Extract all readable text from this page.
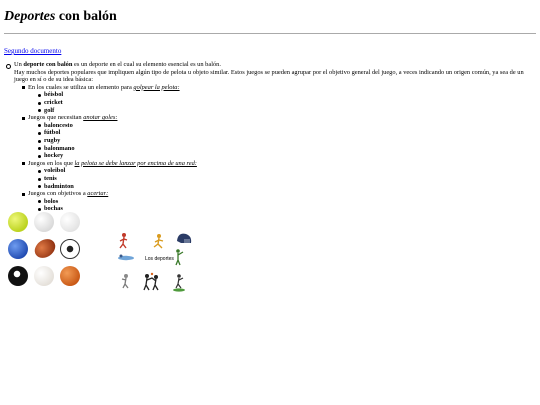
Deportes con balón
Segundo documento
Un deporte con balón es un deporte en el cual su elemento esencial es un balón.
Hay muchos deportes populares que impliquen algún tipo de pelota u objeto similar. Estos juegos se pueden agrupar por el objetivo general del juego, a veces indicando un origen común, ya sea de un juego en sí o de su idea básica:
En los cuales se utiliza un elemento para golpear la pelota:
béisbol
cricket
golf
Juegos que necesitan anotar goles:
baloncesto
fútbol
rugby
balonmano
hockey
Juegos en los que la pelota se debe lanzar por encima de una red:
voleibol
tenis
badminton
Juegos con objetivos a acertar:
bolos
bochas
Los deportes
